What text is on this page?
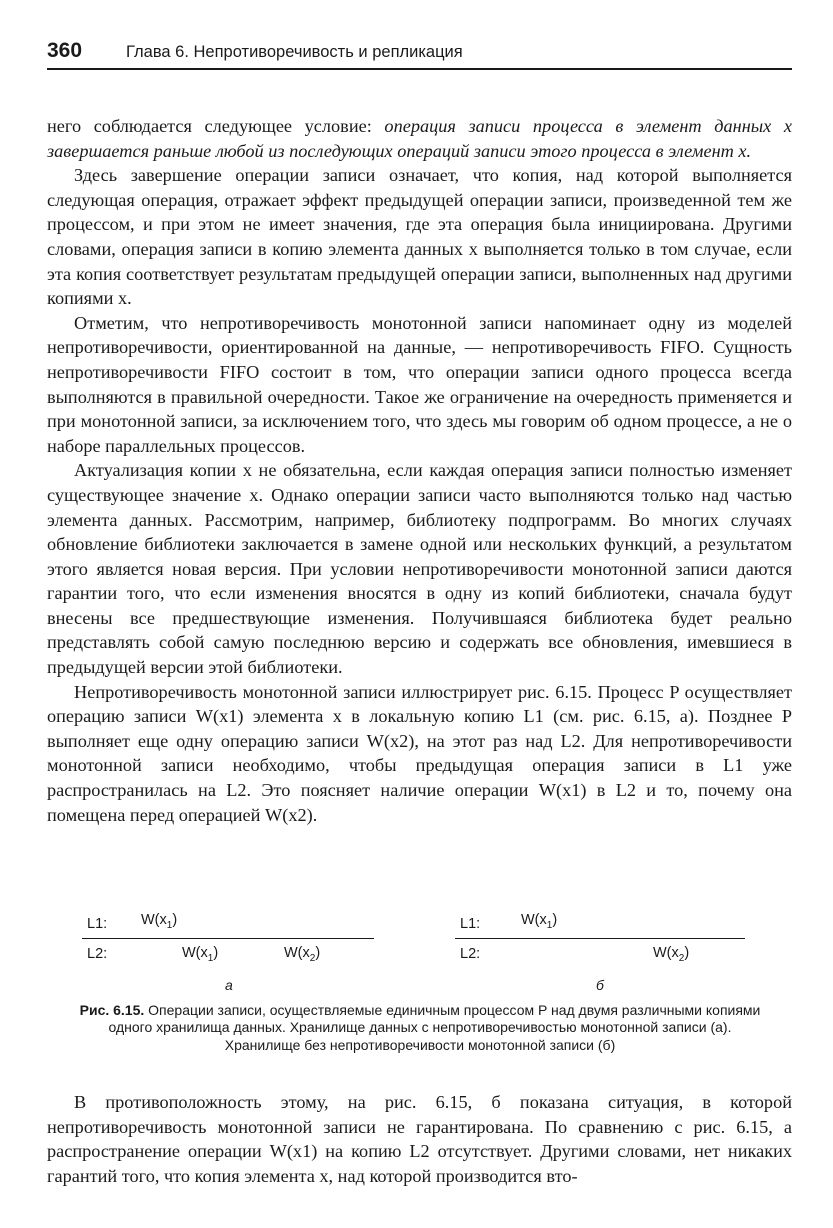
360	Глава 6. Непротиворечивость и репликация

него соблюдается следующее условие: операция записи процесса в элемент данных x завершается раньше любой из последующих операций записи этого процесса в элемент x.

Здесь завершение операции записи означает, что копия, над которой выполняется следующая операция, отражает эффект предыдущей операции записи, произведенной тем же процессом, и при этом не имеет значения, где эта операция была инициирована. Другими словами, операция записи в копию элемента данных x выполняется только в том случае, если эта копия соответствует результатам предыдущей операции записи, выполненных над другими копиями x.

Отметим, что непротиворечивость монотонной записи напоминает одну из моделей непротиворечивости, ориентированной на данные, — непротиворечивость FIFO. Сущность непротиворечивости FIFO состоит в том, что операции записи одного процесса всегда выполняются в правильной очередности. Такое же ограничение на очередность применяется и при монотонной записи, за исключением того, что здесь мы говорим об одном процессе, а не о наборе параллельных процессов.

Актуализация копии x не обязательна, если каждая операция записи полностью изменяет существующее значение x. Однако операции записи часто выполняются только над частью элемента данных. Рассмотрим, например, библиотеку подпрограмм. Во многих случаях обновление библиотеки заключается в замене одной или нескольких функций, а результатом этого является новая версия. При условии непротиворечивости монотонной записи даются гарантии того, что если изменения вносятся в одну из копий библиотеки, сначала будут внесены все предшествующие изменения. Получившаяся библиотека будет реально представлять собой самую последнюю версию и содержать все обновления, имевшиеся в предыдущей версии этой библиотеки.

Непротиворечивость монотонной записи иллюстрирует рис. 6.15. Процесс P осуществляет операцию записи W(x1) элемента x в локальную копию L1 (см. рис. 6.15, a). Позднее P выполняет еще одну операцию записи W(x2), на этот раз над L2. Для непротиворечивости монотонной записи необходимо, чтобы предыдущая операция записи в L1 уже распространилась на L2. Это поясняет наличие операции W(x1) в L2 и то, почему она помещена перед операцией W(x2).

L1: $W(x_1)$
L2:	$W(x_1)$	$W(x_2)$
а
L1:	$W(x_1)$
L2:	$W(x_2)$
б
Рис. 6.15. Операции записи, осуществляемые единичным процессом P над двумя различными копиями одного хранилища данных. Хранилище данных с непротиворечивостью монотонной записи (а). Хранилище без непротиворечивости монотонной записи (б)

В противоположность этому, на рис. 6.15, б показана ситуация, в которой непротиворечивость монотонной записи не гарантирована. По сравнению с рис. 6.15, a распространение операции W(x1) на копию L2 отсутствует. Другими словами, нет никаких гарантий того, что копия элемента x, над которой производится вто-
